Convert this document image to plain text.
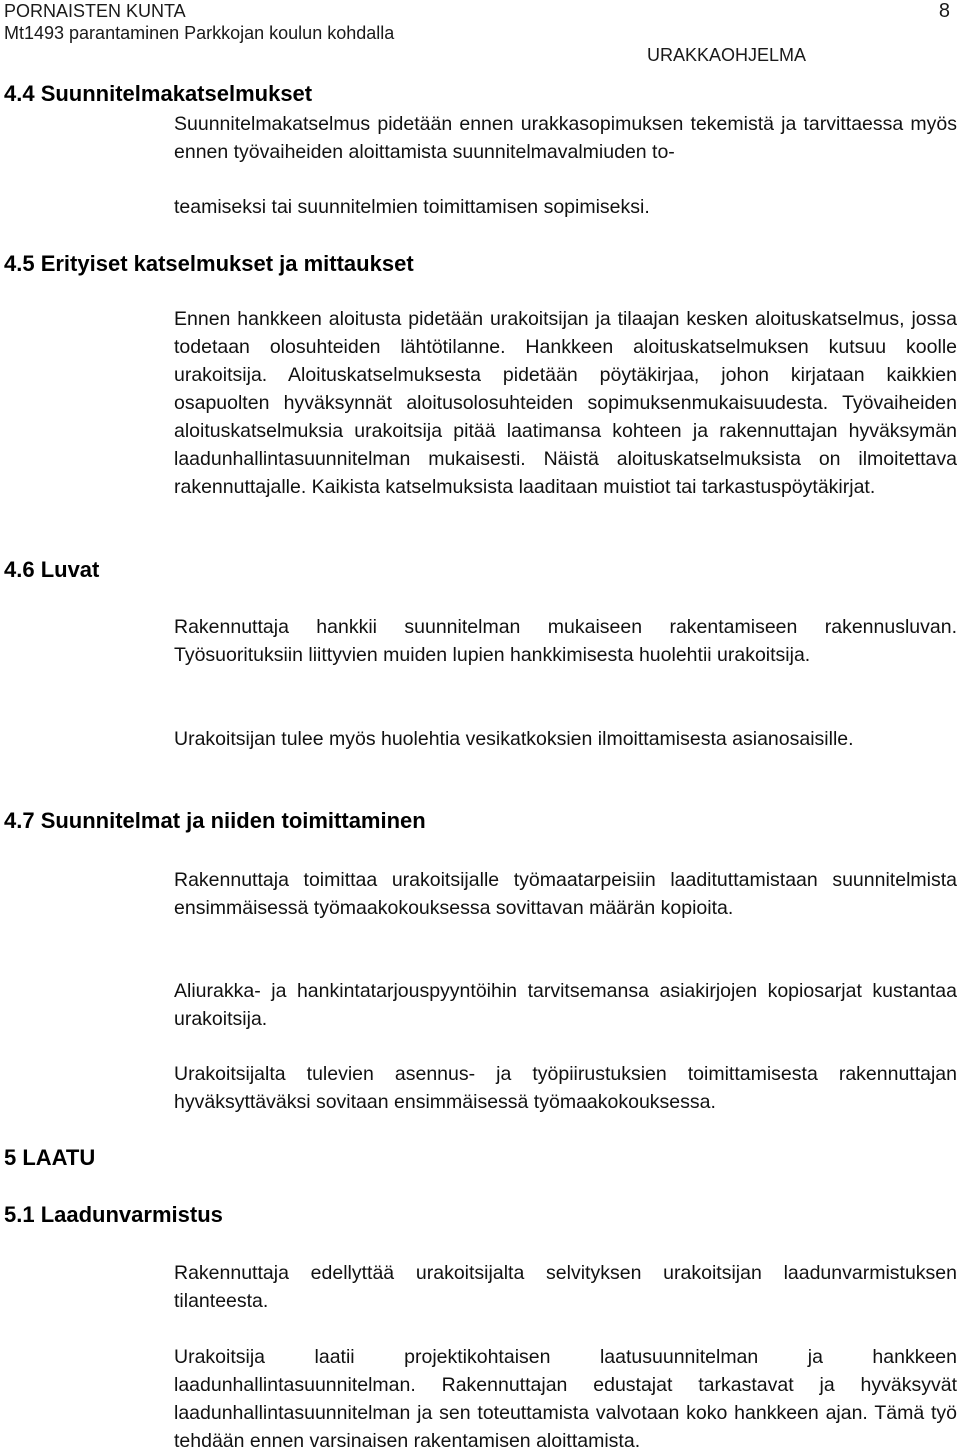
PORNAISTEN KUNTA
Mt1493 parantaminen Parkkojan koulun kohdalla
8
URAKKAOHJELMA
4.4 Suunnitelmakatselmukset

Suunnitelmakatselmus pidetään ennen urakkasopimuksen tekemistä ja tarvittaessa myös ennen työvaiheiden aloittamista suunnitelmavalmiuden to-

teamiseksi tai suunnitelmien toimittamisen sopimiseksi.

4.5 Erityiset katselmukset ja mittaukset

Ennen hankkeen aloitusta pidetään urakoitsijan ja tilaajan kesken aloituskatselmus, jossa todetaan olosuhteiden lähtötilanne. Hankkeen aloituskatselmuksen kutsuu koolle urakoitsija. Aloituskatselmuksesta pidetään pöytäkirjaa, johon kirjataan kaikkien osapuolten hyväksynnät aloitusolosuhteiden sopimuksenmukaisuudesta. Työvaiheiden aloituskatselmuksia urakoitsija pitää laatimansa kohteen ja rakennuttajan hyväksymän laadunhallintasuunnitelman mukaisesti. Näistä aloituskatselmuksista on ilmoitettava rakennuttajalle. Kaikista katselmuksista laaditaan muistiot tai tarkastuspöytäkirjat.

4.6 Luvat

Rakennuttaja hankkii suunnitelman mukaiseen rakentamiseen rakennusluvan. Työsuorituksiin liittyvien muiden lupien hankkimisesta huolehtii urakoitsija.

Urakoitsijan tulee myös huolehtia vesikatkoksien ilmoittamisesta asianosaisille.

4.7 Suunnitelmat ja niiden toimittaminen

Rakennuttaja toimittaa urakoitsijalle työmaatarpeisiin laadituttamistaan suunnitelmista ensimmäisessä työmaakokouksessa sovittavan määrän kopioita.

Aliurakka- ja hankintatarjouspyyntöihin tarvitsemansa asiakirjojen kopiosarjat kustantaa urakoitsija.

Urakoitsijalta tulevien asennus- ja työpiirustuksien toimittamisesta rakennuttajan hyväksyttäväksi sovitaan ensimmäisessä työmaakokouksessa.

5 LAATU
5.1 Laadunvarmistus

Rakennuttaja edellyttää urakoitsijalta selvityksen urakoitsijan laadunvarmistuksen tilanteesta.

Urakoitsija laatii projektikohtaisen laatusuunnitelman ja hankkeen laadunhallintasuunnitelman. Rakennuttajan edustajat tarkastavat ja hyväksyvät laadunhallintasuunnitelman ja sen toteuttamista valvotaan koko hankkeen ajan. Tämä työ tehdään ennen varsinaisen rakentamisen aloittamista.
